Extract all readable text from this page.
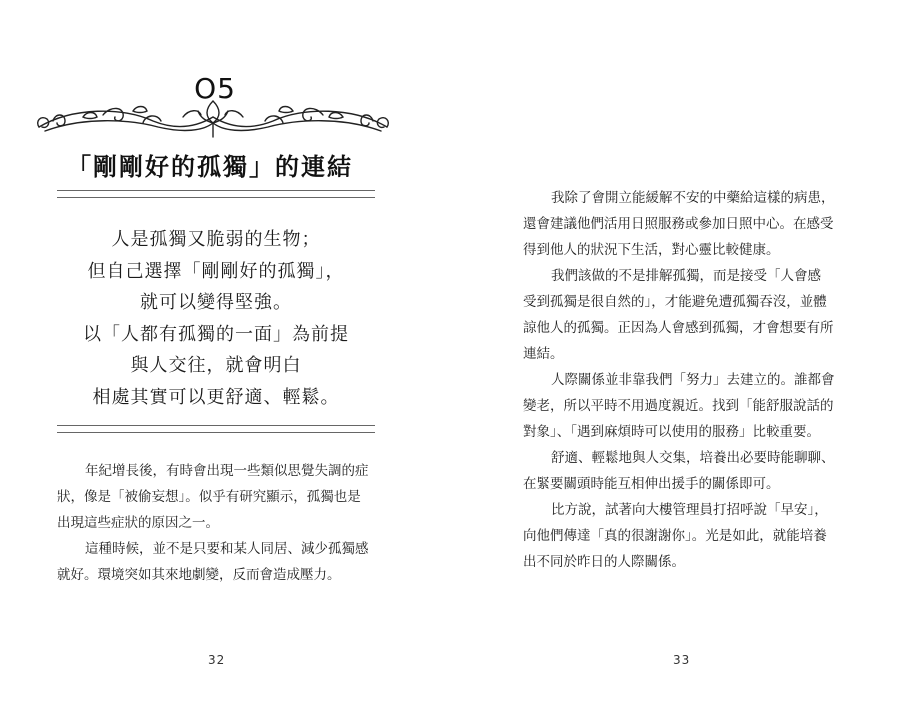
O5
「剛剛好的孤獨」的連結
人是孤獨又脆弱的生物；
但自己選擇「剛剛好的孤獨」，
就可以變得堅強。
以「人都有孤獨的一面」為前提
與人交往，就會明白
相處其實可以更舒適、輕鬆。
年紀增長後，有時會出現一些類似思覺失調的症
狀，像是「被偷妄想」。似乎有研究顯示，孤獨也是
出現這些症狀的原因之一。
這種時候，並不是只要和某人同居、減少孤獨感
就好。環境突如其來地劇變，反而會造成壓力。
32	33
我除了會開立能緩解不安的中藥給這樣的病患，
還會建議他們活用日照服務或參加日照中心。在感受
得到他人的狀況下生活，對心靈比較健康。
我們該做的不是排解孤獨，而是接受「人會感
受到孤獨是很自然的」，才能避免遭孤獨吞沒，並體
諒他人的孤獨。正因為人會感到孤獨，才會想要有所
連結。
人際關係並非靠我們「努力」去建立的。誰都會
變老，所以平時不用過度親近。找到「能舒服說話的
對象」、「遇到麻煩時可以使用的服務」比較重要。
舒適、輕鬆地與人交集，培養出必要時能聊聊、
在緊要關頭時能互相伸出援手的關係即可。
比方說，試著向大樓管理員打招呼說「早安」，
向他們傳達「真的很謝謝你」。光是如此，就能培養
出不同於昨日的人際關係。
